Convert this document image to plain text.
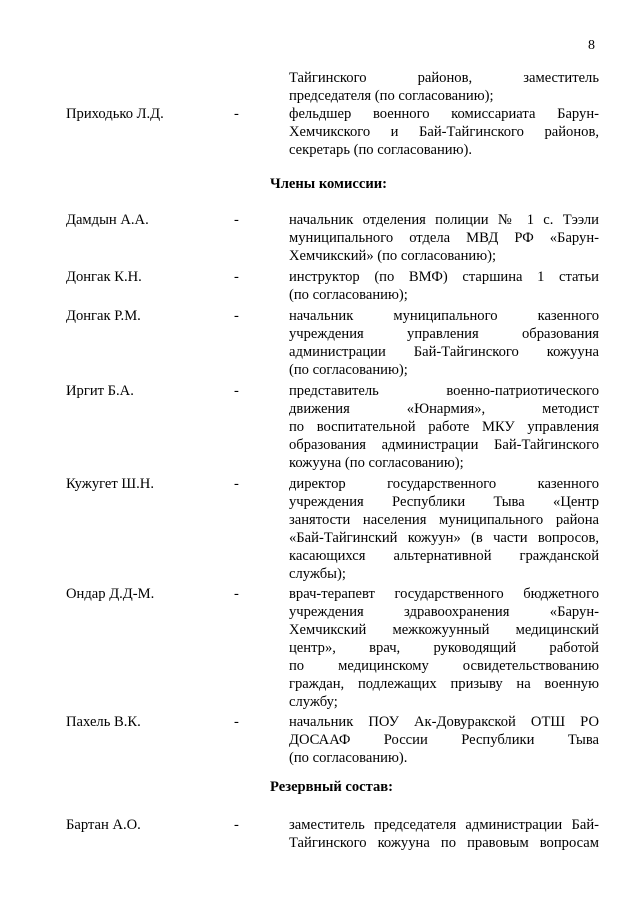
8
Тайгинского районов, заместитель
председателя (по согласованию);
Приходько Л.Д.	-	фельдшер военного комиссариата Барун-
Хемчикского и Бай-Тайгинского районов,
секретарь (по согласованию).
Члены комиссии:
Дамдын А.А.	-	начальник отделения полиции № 1 с. Тээли
муниципального отдела МВД РФ «Барун-
Хемчикский» (по согласованию);
Донгак К.Н.	-	инструктор (по ВМФ) старшина 1 статьи
(по согласованию);
Донгак Р.М.	-	начальник муниципального казенного
учреждения управления образования
администрации Бай-Тайгинского кожууна
(по согласованию);
Иргит Б.А.	-	представитель военно-патриотического
движения «Юнармия», методист
по воспитательной работе МКУ управления
образования администрации Бай-Тайгинского
кожууна (по согласованию);
Кужугет Ш.Н.	-	директор государственного казенного
учреждения Республики Тыва «Центр
занятости населения муниципального района
«Бай-Тайгинский кожуун» (в части вопросов,
касающихся альтернативной гражданской
службы);
Ондар Д.Д-М.	-	врач-терапевт государственного бюджетного
учреждения здравоохранения «Барун-
Хемчикский межкожуунный медицинский
центр», врач, руководящий работой
по медицинскому освидетельствованию
граждан, подлежащих призыву на военную
службу;
Пахель В.К.	-	начальник ПОУ Ак-Довуракской ОТШ РО
ДОСААФ России Республики Тыва
(по согласованию).
Резервный состав:
Бартан А.О.	-	заместитель председателя администрации Бай-
Тайгинского кожууна по правовым вопросам
